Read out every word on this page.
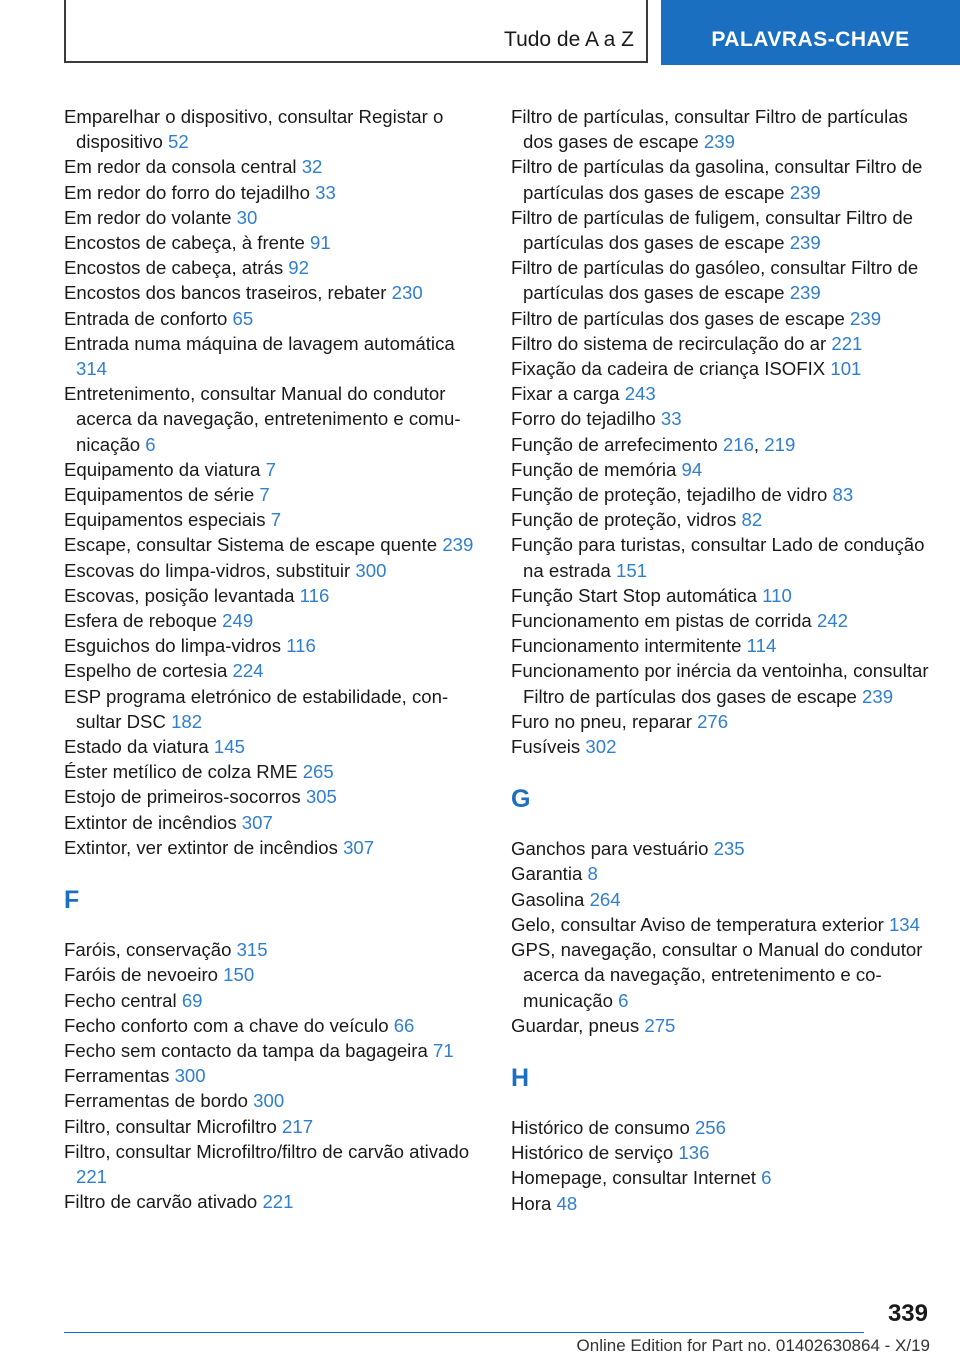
Tudo de A a Z	PALAVRAS-CHAVE
Emparelhar o dispositivo, consultar Registar o dispositivo 52
Em redor da consola central 32
Em redor do forro do tejadilho 33
Em redor do volante 30
Encostos de cabeça, à frente 91
Encostos de cabeça, atrás 92
Encostos dos bancos traseiros, rebater 230
Entrada de conforto 65
Entrada numa máquina de lavagem automática 314
Entretenimento, consultar Manual do condutor acerca da navegação, entretenimento e comunicação 6
Equipamento da viatura 7
Equipamentos de série 7
Equipamentos especiais 7
Escape, consultar Sistema de escape quente 239
Escovas do limpa-vidros, substituir 300
Escovas, posição levantada 116
Esfera de reboque 249
Esguichos do limpa-vidros 116
Espelho de cortesia 224
ESP programa eletrónico de estabilidade, consultar DSC 182
Estado da viatura 145
Éster metílico de colza RME 265
Estojo de primeiros-socorros 305
Extintor de incêndios 307
Extintor, ver extintor de incêndios 307
F
Faróis, conservação 315
Faróis de nevoeiro 150
Fecho central 69
Fecho conforto com a chave do veículo 66
Fecho sem contacto da tampa da bagageira 71
Ferramentas 300
Ferramentas de bordo 300
Filtro, consultar Microfiltro 217
Filtro, consultar Microfiltro/filtro de carvão ativado 221
Filtro de carvão ativado 221
Filtro de partículas, consultar Filtro de partículas dos gases de escape 239
Filtro de partículas da gasolina, consultar Filtro de partículas dos gases de escape 239
Filtro de partículas de fuligem, consultar Filtro de partículas dos gases de escape 239
Filtro de partículas do gasóleo, consultar Filtro de partículas dos gases de escape 239
Filtro de partículas dos gases de escape 239
Filtro do sistema de recirculação do ar 221
Fixação da cadeira de criança ISOFIX 101
Fixar a carga 243
Forro do tejadilho 33
Função de arrefecimento 216, 219
Função de memória 94
Função de proteção, tejadilho de vidro 83
Função de proteção, vidros 82
Função para turistas, consultar Lado de condução na estrada 151
Função Start Stop automática 110
Funcionamento em pistas de corrida 242
Funcionamento intermitente 114
Funcionamento por inércia da ventoinha, consultar Filtro de partículas dos gases de escape 239
Furo no pneu, reparar 276
Fusíveis 302
G
Ganchos para vestuário 235
Garantia 8
Gasolina 264
Gelo, consultar Aviso de temperatura exterior 134
GPS, navegação, consultar o Manual do condutor acerca da navegação, entretenimento e comunicação 6
Guardar, pneus 275
H
Histórico de consumo 256
Histórico de serviço 136
Homepage, consultar Internet 6
Hora 48
339
Online Edition for Part no. 01402630864 - X/19
